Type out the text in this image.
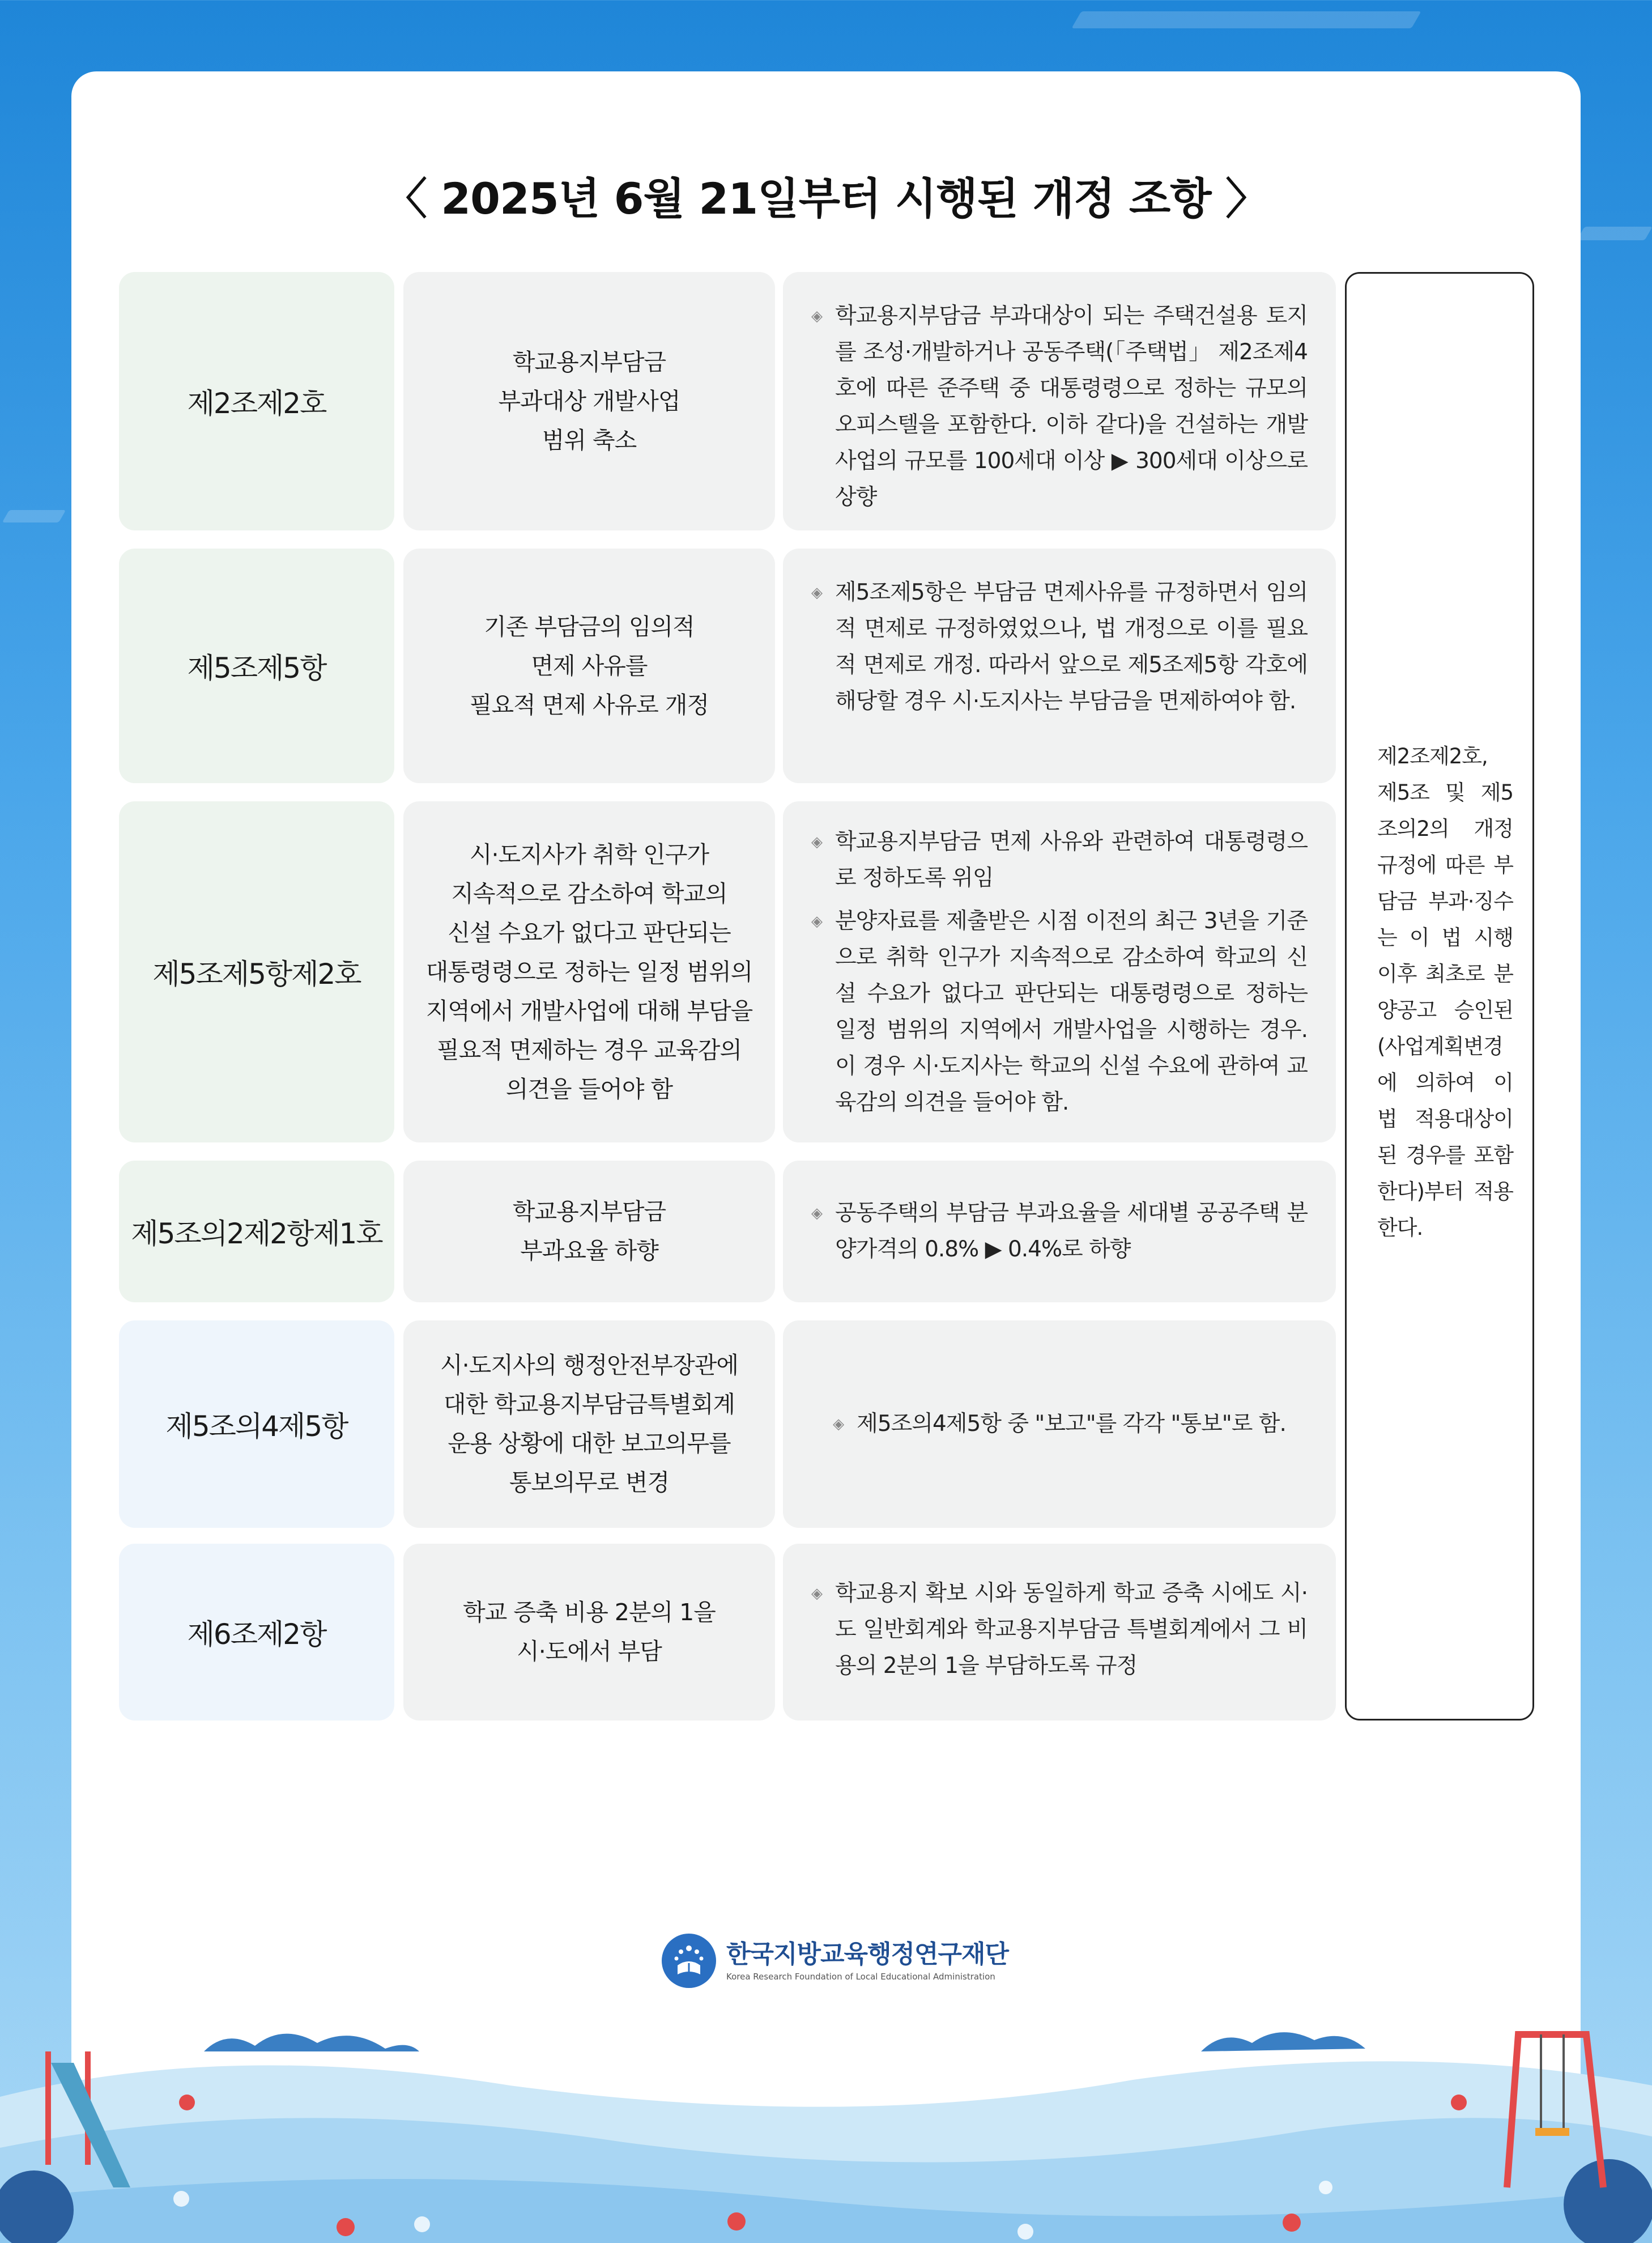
〈 2025년 6월 21일부터 시행된 개정 조항 〉
제2조제2호
학교용지부담금
부과대상 개발사업
범위 축소

◈ 학교용지부담금 부과대상이 되는 주택건설용 토지를 조성·개발하거나 공동주택(「주택법」 제2조제4호에 따른 준주택 중 대통령령으로 정하는 규모의 오피스텔을 포함한다. 이하 같다)을 건설하는 개발사업의 규모를 100세대 이상 ▶ 300세대 이상으로 상향

제5조제5항
기존 부담금의 임의적
면제 사유를
필요적 면제 사유로 개정

◈ 제5조제5항은 부담금 면제사유를 규정하면서 임의적 면제로 규정하였었으나, 법 개정으로 이를 필요적 면제로 개정. 따라서 앞으로 제5조제5항 각호에 해당할 경우 시·도지사는 부담금을 면제하여야 함.

제5조제5항제2호
시·도지사가 취학 인구가
지속적으로 감소하여 학교의
신설 수요가 없다고 판단되는
대통령령으로 정하는 일정 범위의
지역에서 개발사업에 대해 부담을
필요적 면제하는 경우 교육감의
의견을 들어야 함

◈ 학교용지부담금 면제 사유와 관련하여 대통령령으로 정하도록 위임

◈ 분양자료를 제출받은 시점 이전의 최근 3년을 기준으로 취학 인구가 지속적으로 감소하여 학교의 신설 수요가 없다고 판단되는 대통령령으로 정하는 일정 범위의 지역에서 개발사업을 시행하는 경우. 이 경우 시·도지사는 학교의 신설 수요에 관하여 교육감의 의견을 들어야 함.

제5조의2제2항제1호
학교용지부담금
부과요율 하향

◈ 공동주택의 부담금 부과요율을 세대별 공공주택 분양가격의 0.8% ▶ 0.4%로 하향

제5조의4제5항
시·도지사의 행정안전부장관에
대한 학교용지부담금특별회계
운용 상황에 대한 보고의무를
통보의무로 변경

◈ 제5조의4제5항 중 "보고"를 각각 "통보"로 함.

제6조제2항
학교 증축 비용 2분의 1을
시·도에서 부담

◈ 학교용지 확보 시와 동일하게 학교 증축 시에도 시·도 일반회계와 학교용지부담금 특별회계에서 그 비용의 2분의 1을 부담하도록 규정

제2조제2호, 제5조 및 제5조의2의 개정규정에 따른 부담금 부과·징수는 이 법 시행 이후 최초로 분양공고 승인된 (사업계획변경에 의하여 이 법 적용대상이 된 경우를 포함한다)부터 적용한다.
한국지방교육행정연구재단
Korea Research Foundation of Local Educational Administration
